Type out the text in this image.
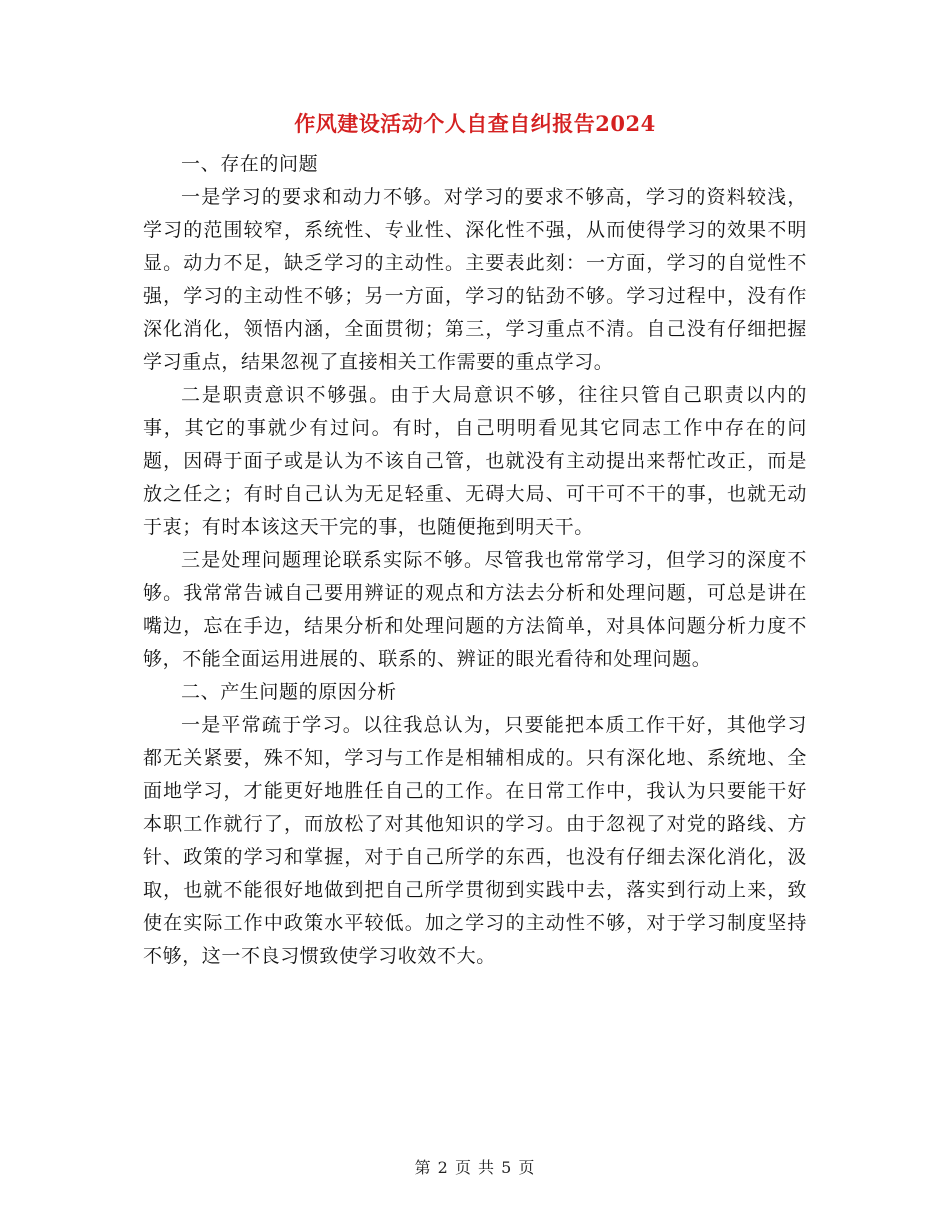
作风建设活动个人自查自纠报告2024

一、存在的问题

一是学习的要求和动力不够。对学习的要求不够高，学习的资料较浅，学习的范围较窄，系统性、专业性、深化性不强，从而使得学习的效果不明显。动力不足，缺乏学习的主动性。主要表此刻：一方面，学习的自觉性不强，学习的主动性不够；另一方面，学习的钻劲不够。学习过程中，没有作深化消化，领悟内涵，全面贯彻；第三，学习重点不清。自己没有仔细把握学习重点，结果忽视了直接相关工作需要的重点学习。

二是职责意识不够强。由于大局意识不够，往往只管自己职责以内的事，其它的事就少有过问。有时，自己明明看见其它同志工作中存在的问题，因碍于面子或是认为不该自己管，也就没有主动提出来帮忙改正，而是放之任之；有时自己认为无足轻重、无碍大局、可干可不干的事，也就无动于衷；有时本该这天干完的事，也随便拖到明天干。

三是处理问题理论联系实际不够。尽管我也常常学习，但学习的深度不够。我常常告诫自己要用辨证的观点和方法去分析和处理问题，可总是讲在嘴边，忘在手边，结果分析和处理问题的方法简单，对具体问题分析力度不够，不能全面运用进展的、联系的、辨证的眼光看待和处理问题。

二、产生问题的原因分析

一是平常疏于学习。以往我总认为，只要能把本质工作干好，其他学习都无关紧要，殊不知，学习与工作是相辅相成的。只有深化地、系统地、全面地学习，才能更好地胜任自己的工作。在日常工作中，我认为只要能干好本职工作就行了，而放松了对其他知识的学习。由于忽视了对党的路线、方针、政策的学习和掌握，对于自己所学的东西，也没有仔细去深化消化，汲取，也就不能很好地做到把自己所学贯彻到实践中去，落实到行动上来，致使在实际工作中政策水平较低。加之学习的主动性不够，对于学习制度坚持不够，这一不良习惯致使学习收效不大。

第 2 页 共 5 页
